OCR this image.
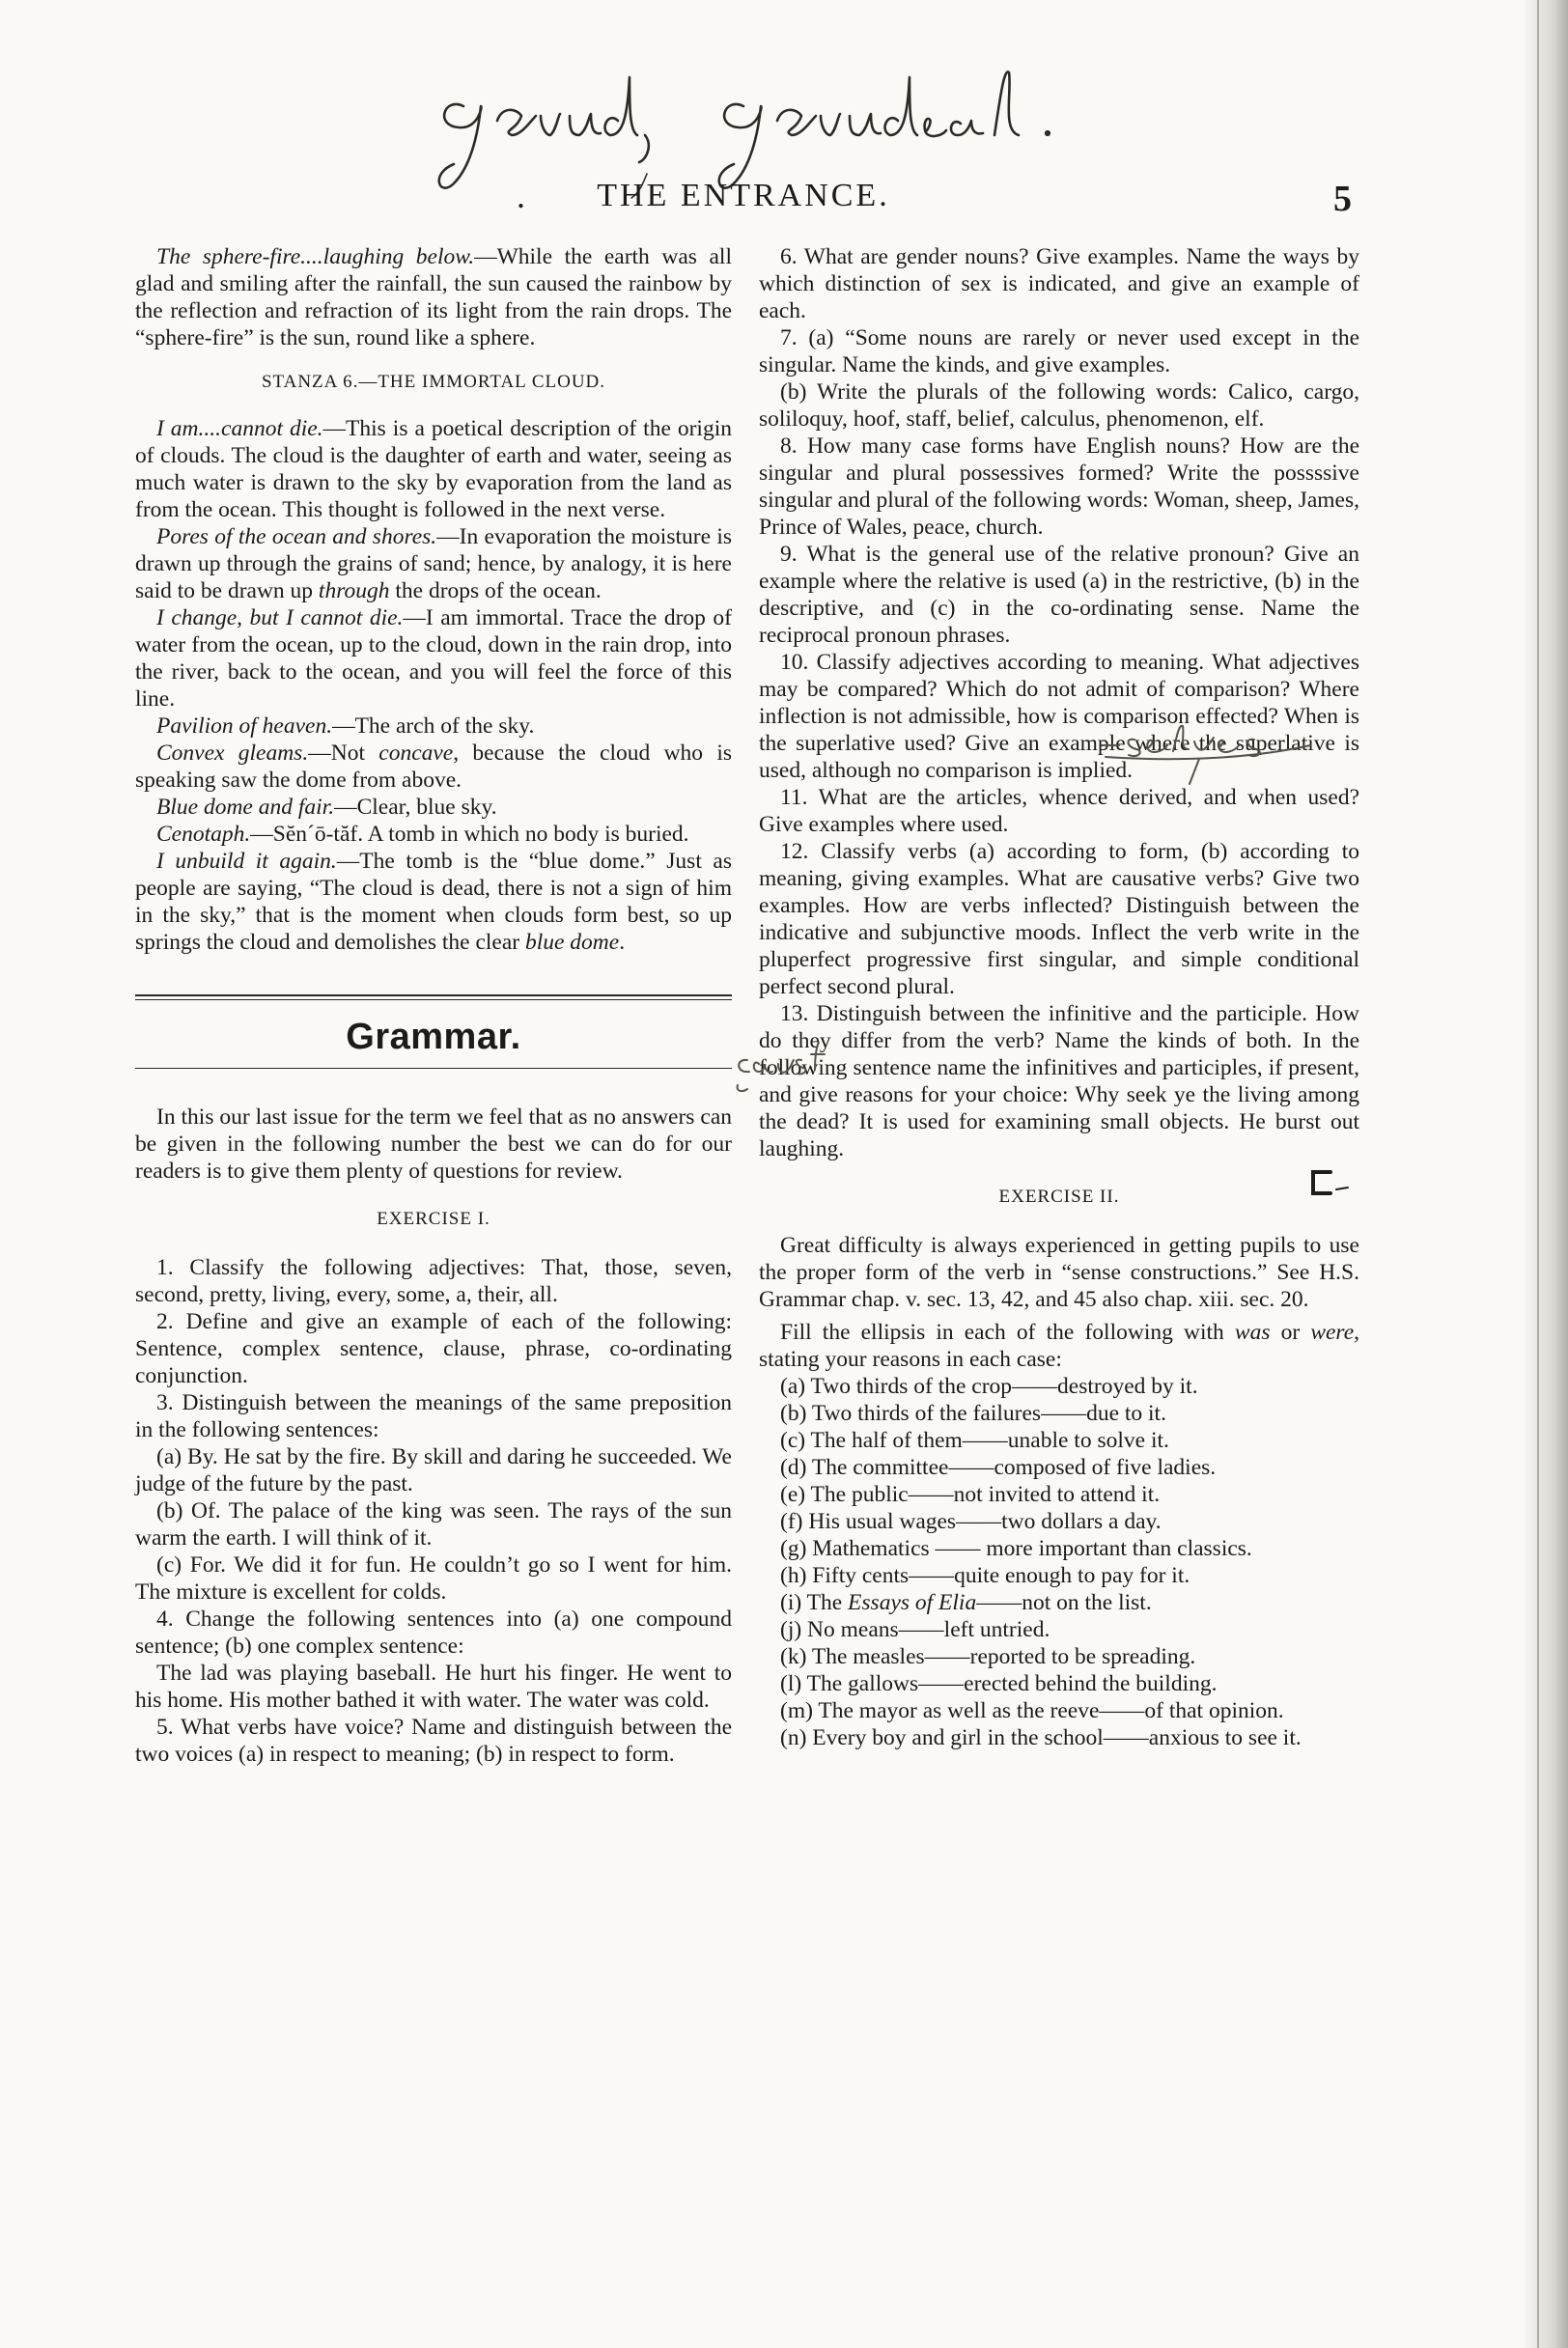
.	THE ENTRANCE.	5

The sphere-fire....laughing below.—While the earth was all glad and smiling after the rainfall, the sun caused the rainbow by the reflection and refraction of its light from the rain drops. The “sphere-fire” is the sun, round like a sphere.

STANZA 6.—THE IMMORTAL CLOUD.

I am....cannot die.—This is a poetical description of the origin of clouds. The cloud is the daughter of earth and water, seeing as much water is drawn to the sky by evaporation from the land as from the ocean. This thought is followed in the next verse.

Pores of the ocean and shores.—In evaporation the moisture is drawn up through the grains of sand; hence, by analogy, it is here said to be drawn up through the drops of the ocean.

I change, but I cannot die.—I am immortal. Trace the drop of water from the ocean, up to the cloud, down in the rain drop, into the river, back to the ocean, and you will feel the force of this line.

Pavilion of heaven.—The arch of the sky.

Convex gleams.—Not concave, because the cloud who is speaking saw the dome from above.

Blue dome and fair.—Clear, blue sky.

Cenotaph.—Sĕn´ō-tăf. A tomb in which no body is buried.

I unbuild it again.—The tomb is the “blue dome.” Just as people are saying, “The cloud is dead, there is not a sign of him in the sky,” that is the moment when clouds form best, so up springs the cloud and demolishes the clear blue dome.

Grammar.

In this our last issue for the term we feel that as no answers can be given in the following number the best we can do for our readers is to give them plenty of questions for review.

EXERCISE I.

1. Classify the following adjectives: That, those, seven, second, pretty, living, every, some, a, their, all.

2. Define and give an example of each of the following: Sentence, complex sentence, clause, phrase, co-ordinating conjunction.

3. Distinguish between the meanings of the same preposition in the following sentences:

(a) By. He sat by the fire. By skill and daring he succeeded. We judge of the future by the past.

(b) Of. The palace of the king was seen. The rays of the sun warm the earth. I will think of it.

(c) For. We did it for fun. He couldn’t go so I went for him. The mixture is excellent for colds.

4. Change the following sentences into (a) one compound sentence; (b) one complex sentence:

The lad was playing baseball. He hurt his finger. He went to his home. His mother bathed it with water. The water was cold.

5. What verbs have voice? Name and distinguish between the two voices (a) in respect to meaning; (b) in respect to form.

6. What are gender nouns? Give examples. Name the ways by which distinction of sex is indicated, and give an example of each.

7. (a) “Some nouns are rarely or never used except in the singular. Name the kinds, and give examples.

(b) Write the plurals of the following words: Calico, cargo, soliloquy, hoof, staff, belief, calculus, phenomenon, elf.

8. How many case forms have English nouns? How are the singular and plural possessives formed? Write the possssive singular and plural of the following words: Woman, sheep, James, Prince of Wales, peace, church.

9. What is the general use of the relative pronoun? Give an example where the relative is used (a) in the restrictive, (b) in the descriptive, and (c) in the co-ordinating sense. Name the reciprocal pronoun phrases.

10. Classify adjectives according to meaning. What adjectives may be compared? Which do not admit of comparison? Where inflection is not admissible, how is comparison effected? When is the superlative used? Give an example where the superlative is used, although no comparison is implied.

11. What are the articles, whence derived, and when used? Give examples where used.

12. Classify verbs (a) according to form, (b) according to meaning, giving examples. What are causative verbs? Give two examples. How are verbs inflected? Distinguish between the indicative and subjunctive moods. Inflect the verb write in the pluperfect progressive first singular, and simple conditional perfect second plural.

13. Distinguish between the infinitive and the participle. How do they differ from the verb? Name the kinds of both. In the following sentence name the infinitives and participles, if present, and give reasons for your choice: Why seek ye the living among the dead? It is used for examining small objects. He burst out laughing.

EXERCISE II.

Great difficulty is always experienced in getting pupils to use the proper form of the verb in “sense constructions.” See H.S. Grammar chap. v. sec. 13, 42, and 45 also chap. xiii. sec. 20.

Fill the ellipsis in each of the following with was or were, stating your reasons in each case:

(a) Two thirds of the crop——destroyed by it.

(b) Two thirds of the failures——due to it.

(c) The half of them——unable to solve it.

(d) The committee——composed of five ladies.

(e) The public——not invited to attend it.

(f) His usual wages——two dollars a day.

(g) Mathematics —— more important than classics.

(h) Fifty cents——quite enough to pay for it.

(i) The Essays of Elia——not on the list.

(j) No means——left untried.

(k) The measles——reported to be spreading.

(l) The gallows——erected behind the building.

(m) The mayor as well as the reeve——of that opinion.

(n) Every boy and girl in the school——anxious to see it.
